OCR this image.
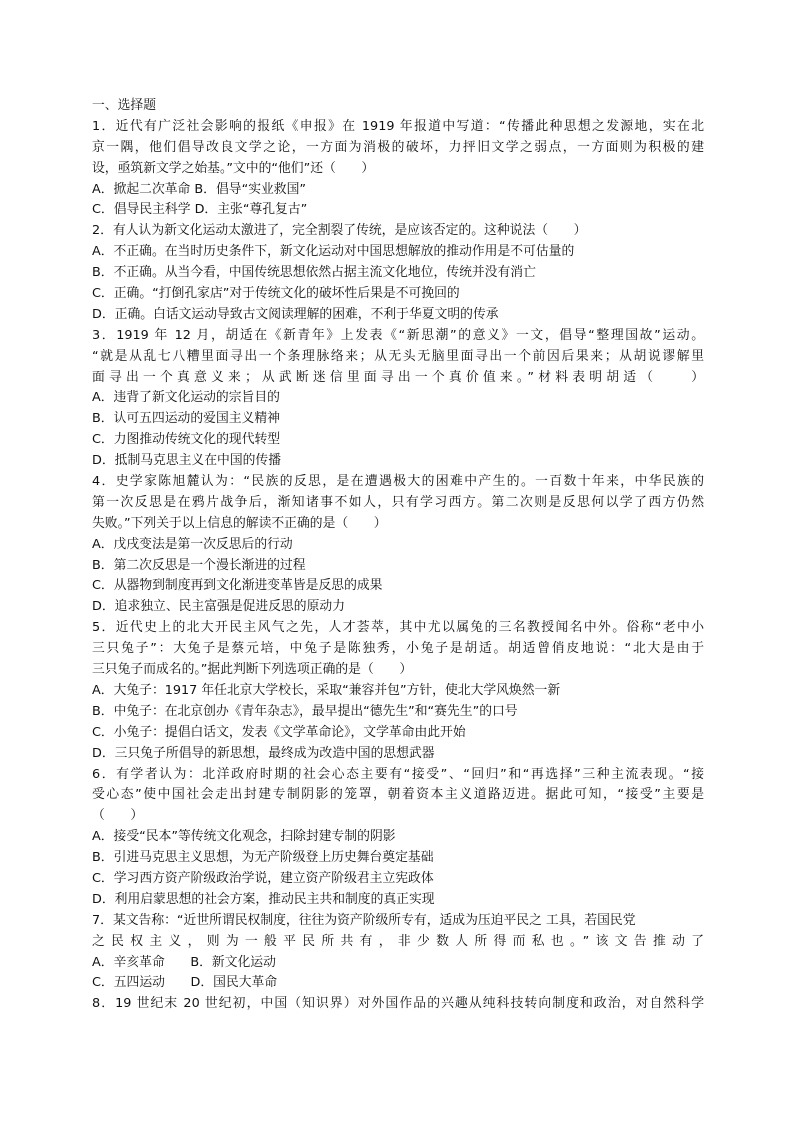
一、选择题
1．近代有广泛社会影响的报纸《申报》在 1919 年报道中写道：“传播此种思想之发源地，实在北
京一隅，他们倡导改良文学之论，一方面为消极的破坏，力抨旧文学之弱点，一方面则为积极的建
设，亟筑新文学之始基。”文中的“他们”还（　　）
A．掀起二次革命 B．倡导“实业救国”
C．倡导民主科学 D．主张“尊孔复古”
2．有人认为新文化运动太激进了，完全割裂了传统，是应该否定的。这种说法（　　）
A．不正确。在当时历史条件下，新文化运动对中国思想解放的推动作用是不可估量的
B．不正确。从当今看，中国传统思想依然占据主流文化地位，传统并没有消亡
C．正确。“打倒孔家店”对于传统文化的破坏性后果是不可挽回的
D．正确。白话文运动导致古文阅读理解的困难，不利于华夏文明的传承
3．1919 年 12 月，胡适在《新青年》上发表《“新思潮”的意义》一文，倡导“整理国故”运动。
“就是从乱七八糟里面寻出一个条理脉络来；从无头无脑里面寻出一个前因后果来；从胡说谬解里
面寻出一个真意义来；从武断迷信里面寻出一个真价值来。”材料表明胡适（　　）
A．违背了新文化运动的宗旨目的
B．认可五四运动的爱国主义精神
C．力图推动传统文化的现代转型
D．抵制马克思主义在中国的传播
4．史学家陈旭麓认为：“民族的反思，是在遭遇极大的困难中产生的。一百数十年来，中华民族的
第一次反思是在鸦片战争后，渐知诸事不如人，只有学习西方。第二次则是反思何以学了西方仍然
失败。”下列关于以上信息的解读不正确的是（　　）
A．戊戌变法是第一次反思后的行动
B．第二次反思是一个漫长渐进的过程
C．从器物到制度再到文化渐进变革皆是反思的成果
D．追求独立、民主富强是促进反思的原动力
5．近代史上的北大开民主风气之先，人才荟萃，其中尤以属兔的三名教授闻名中外。俗称“老中小
三只兔子”：大兔子是蔡元培，中兔子是陈独秀，小兔子是胡适。胡适曾俏皮地说：“北大是由于
三只兔子而成名的。”据此判断下列选项正确的是（　　）
A．大兔子：1917 年任北京大学校长，采取“兼容并包”方针，使北大学风焕然一新
B．中兔子：在北京创办《青年杂志》，最早提出“德先生”和“赛先生”的口号
C．小兔子：提倡白话文，发表《文学革命论》，文学革命由此开始
D．三只兔子所倡导的新思想，最终成为改造中国的思想武器
6．有学者认为：北洋政府时期的社会心态主要有“接受”、“回归”和“再选择”三种主流表现。“接
受心态”使中国社会走出封建专制阴影的笼罩，朝着资本主义道路迈进。据此可知，“接受”主要是
（　　）
A．接受“民本”等传统文化观念，扫除封建专制的阴影
B．引进马克思主义思想，为无产阶级登上历史舞台奠定基础
C．学习西方资产阶级政治学说，建立资产阶级君主立宪政体
D．利用启蒙思想的社会方案，推动民主共和制度的真正实现
7．某文告称：“近世所谓民权制度，往往为资产阶级所专有，适成为压迫平民之 工具，若国民党
之民权主义，则为一般平民所共有，非少数人所得而私也。”该文告推动了
A．辛亥革命　　B．新文化运动
C．五四运动　　D．国民大革命
8．19 世纪末 20 世纪初，中国（知识界）对外国作品的兴趣从纯科技转向制度和政治，对自然科学
